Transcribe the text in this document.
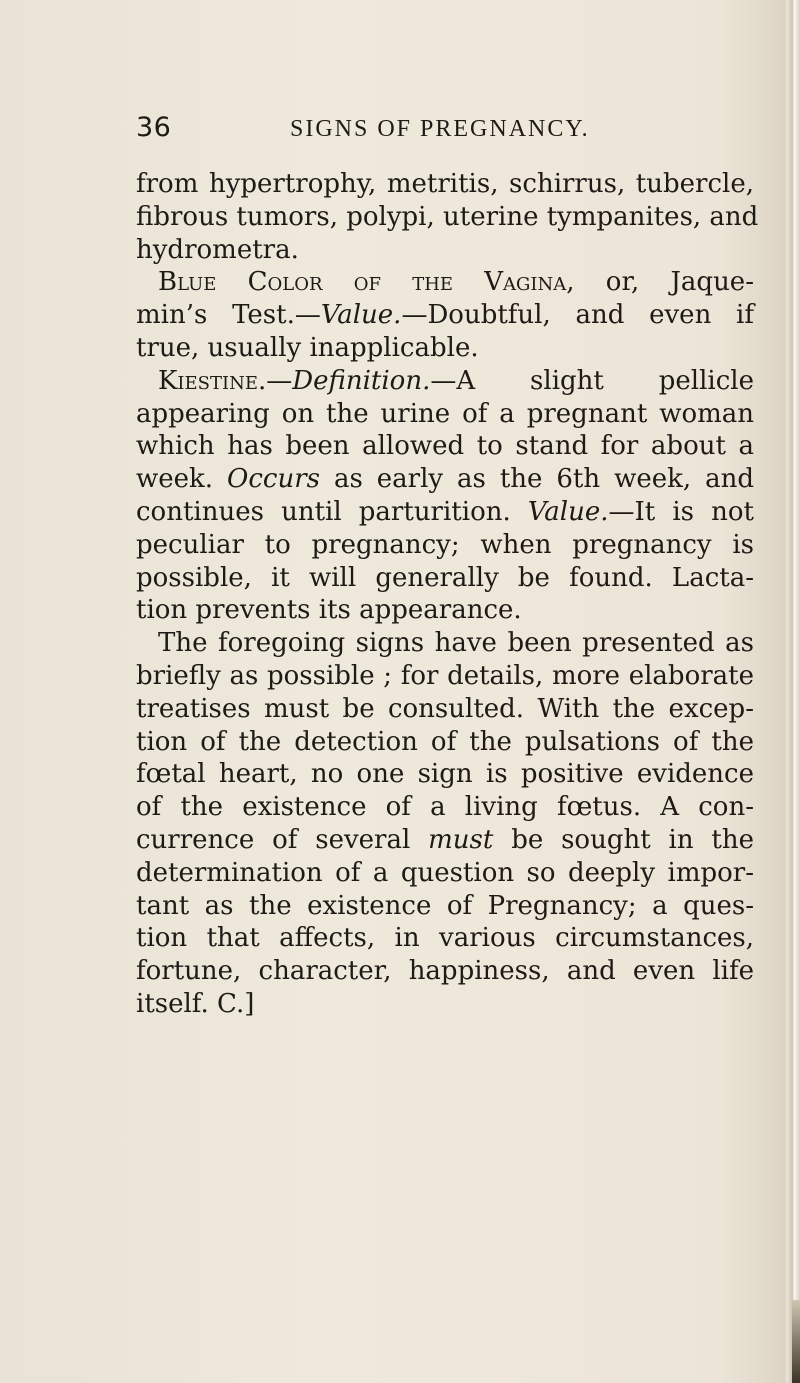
36	SIGNS OF PREGNANCY.
from hypertrophy, metritis, schirrus, tubercle,
fibrous tumors, polypi, uterine tympanites, and
hydrometra.
Blue Color of the Vagina, or, Jaque-
min’s Test.—Value.—Doubtful, and even if
true, usually inapplicable.
Kiestine.—Definition.—A slight pellicle
appearing on the urine of a pregnant woman
which has been allowed to stand for about a
week. Occurs as early as the 6th week, and
continues until parturition. Value.—It is not
peculiar to pregnancy; when pregnancy is
possible, it will generally be found. Lacta-
tion prevents its appearance.
The foregoing signs have been presented as
briefly as possible ; for details, more elaborate
treatises must be consulted. With the excep-
tion of the detection of the pulsations of the
fœtal heart, no one sign is positive evidence
of the existence of a living fœtus. A con-
currence of several must be sought in the
determination of a question so deeply impor-
tant as the existence of Pregnancy; a ques-
tion that affects, in various circumstances,
fortune, character, happiness, and even life
itself. C.]
